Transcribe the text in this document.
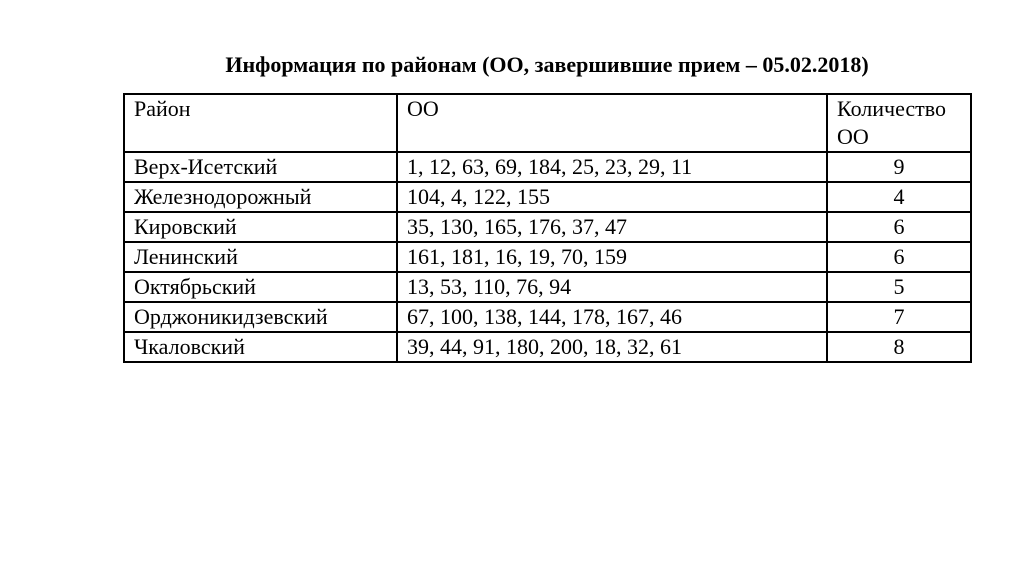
Информация по районам (ОО, завершившие прием – 05.02.2018)
Район	ОО	Количество ОО
Верх-Исетский	1, 12, 63, 69, 184, 25, 23, 29, 11	9
Железнодорожный	104, 4, 122, 155	4
Кировский	35, 130, 165, 176, 37, 47	6
Ленинский	161, 181, 16, 19, 70, 159	6
Октябрьский	13, 53, 110, 76, 94	5
Орджоникидзевский	67, 100, 138, 144, 178, 167, 46	7
Чкаловский	39, 44, 91, 180, 200, 18, 32, 61	8
